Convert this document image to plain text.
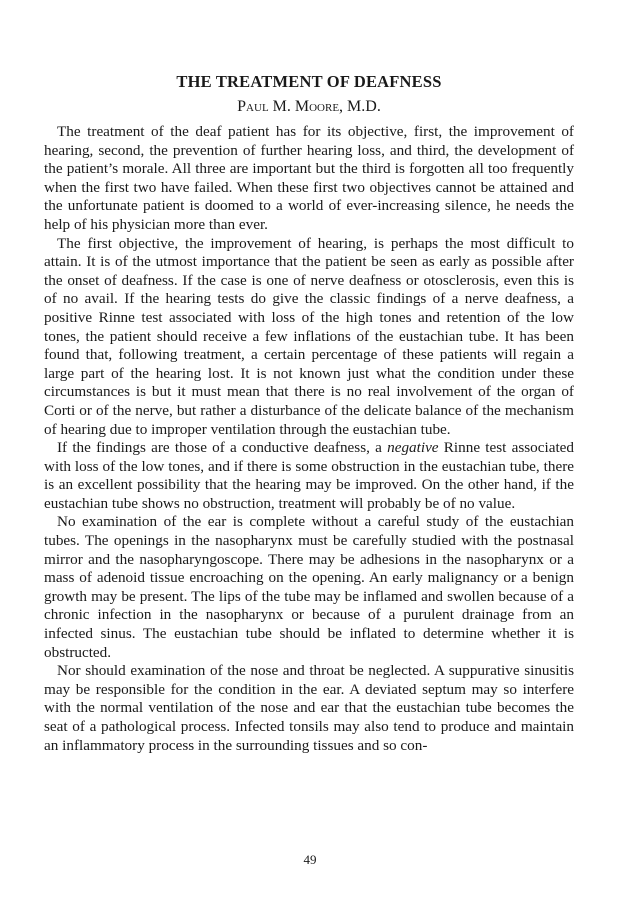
THE TREATMENT OF DEAFNESS
Paul M. Moore, M.D.

The treatment of the deaf patient has for its objective, first, the improvement of hearing, second, the prevention of further hearing loss, and third, the development of the patient’s morale. All three are important but the third is forgotten all too frequently when the first two have failed. When these first two objectives cannot be attained and the unfortunate patient is doomed to a world of ever-increasing silence, he needs the help of his physician more than ever.

The first objective, the improvement of hearing, is perhaps the most difficult to attain. It is of the utmost importance that the patient be seen as early as possible after the onset of deafness. If the case is one of nerve deafness or otosclerosis, even this is of no avail. If the hearing tests do give the classic findings of a nerve deafness, a positive Rinne test associated with loss of the high tones and retention of the low tones, the patient should receive a few inflations of the eustachian tube. It has been found that, following treatment, a certain percentage of these patients will regain a large part of the hearing lost. It is not known just what the condition under these circumstances is but it must mean that there is no real involvement of the organ of Corti or of the nerve, but rather a disturbance of the delicate balance of the mechanism of hearing due to improper ventilation through the eustachian tube.

If the findings are those of a conductive deafness, a negative Rinne test associated with loss of the low tones, and if there is some obstruction in the eustachian tube, there is an excellent possibility that the hearing may be improved. On the other hand, if the eustachian tube shows no obstruction, treatment will probably be of no value.

No examination of the ear is complete without a careful study of the eustachian tubes. The openings in the nasopharynx must be carefully studied with the postnasal mirror and the nasopharyngoscope. There may be adhesions in the nasopharynx or a mass of adenoid tissue encroaching on the opening. An early malignancy or a benign growth may be present. The lips of the tube may be inflamed and swollen because of a chronic infection in the nasopharynx or because of a purulent drainage from an infected sinus. The eustachian tube should be inflated to determine whether it is obstructed.

Nor should examination of the nose and throat be neglected. A suppurative sinusitis may be responsible for the condition in the ear. A deviated septum may so interfere with the normal ventilation of the nose and ear that the eustachian tube becomes the seat of a pathological process. Infected tonsils may also tend to produce and maintain an inflammatory process in the surrounding tissues and so con-

49
